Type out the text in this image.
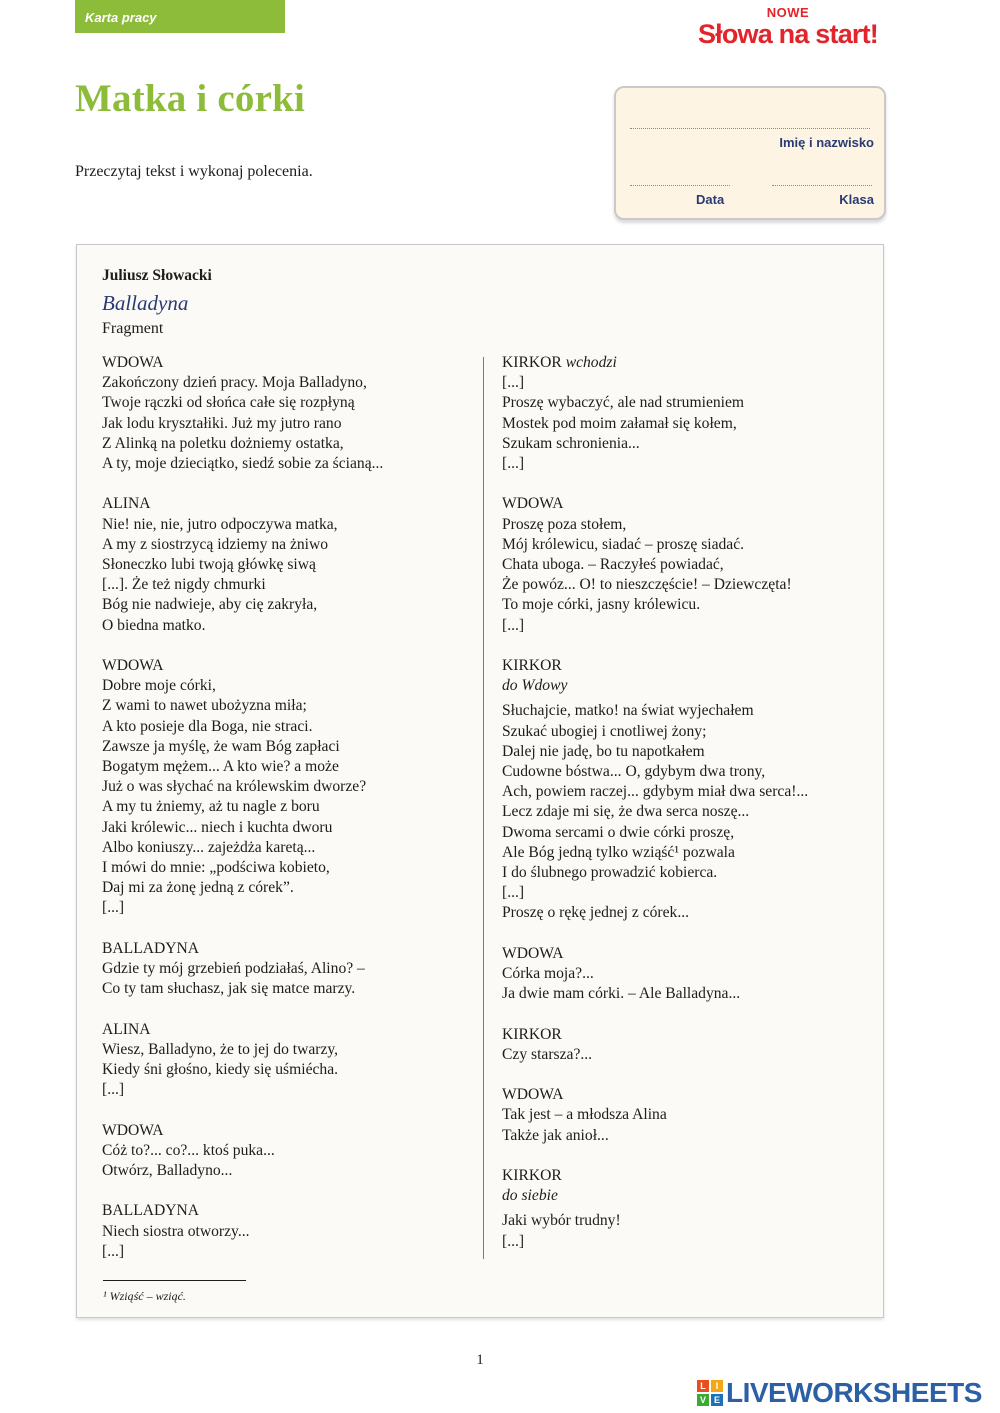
Karta pracy	NOWE
Słowa na start!
Matka i córki
Przeczytaj tekst i wykonaj polecenia.
Imię i nazwisko
Data	Klasa
Juliusz Słowacki
Balladyna
Fragment
WDOWA
Zakończony dzień pracy. Moja Balladyno,
Twoje rączki od słońca całe się rozpłyną
Jak lodu kryształiki. Już my jutro rano
Z Alinką na poletku dożniemy ostatka,
A ty, moje dzieciątko, siedź sobie za ścianą...
ALINA
Nie! nie, nie, jutro odpoczywa matka,
A my z siostrzycą idziemy na żniwo
Słoneczko lubi twoją główkę siwą
[...]. Że też nigdy chmurki
Bóg nie nadwieje, aby cię zakryła,
O biedna matko.
WDOWA
Dobre moje córki,
Z wami to nawet ubożyzna miła;
A kto posieje dla Boga, nie straci.
Zawsze ja myślę, że wam Bóg zapłaci
Bogatym mężem... A kto wie? a może
Już o was słychać na królewskim dworze?
A my tu żniemy, aż tu nagle z boru
Jaki królewic... niech i kuchta dworu
Albo koniuszy... zajeżdża karetą...
I mówi do mnie: „podściwa kobieto,
Daj mi za żonę jedną z córek”.
[...]
BALLADYNA
Gdzie ty mój grzebień podziałaś, Alino? –
Co ty tam słuchasz, jak się matce marzy.
ALINA
Wiesz, Balladyno, że to jej do twarzy,
Kiedy śni głośno, kiedy się uśmiécha.
[...]
WDOWA
Cóż to?... co?... ktoś puka...
Otwórz, Balladyno...
BALLADYNA
Niech siostra otworzy...
[...]
KIRKOR wchodzi
[...]
Proszę wybaczyć, ale nad strumieniem
Mostek pod moim załamał się kołem,
Szukam schronienia...
[...]
WDOWA
Proszę poza stołem,
Mój królewicu, siadać – proszę siadać.
Chata uboga. – Raczyłeś powiadać,
Że powóz... O! to nieszczęście! – Dziewczęta!
To moje córki, jasny królewicu.
[...]
KIRKOR
do Wdowy
Słuchajcie, matko! na świat wyjechałem
Szukać ubogiej i cnotliwej żony;
Dalej nie jadę, bo tu napotkałem
Cudowne bóstwa... O, gdybym dwa trony,
Ach, powiem raczej... gdybym miał dwa serca!...
Lecz zdaje mi się, że dwa serca noszę...
Dwoma sercami o dwie córki proszę,
Ale Bóg jedną tylko wziąść¹ pozwala
I do ślubnego prowadzić kobierca.
[...]
Proszę o rękę jednej z córek...
WDOWA
Córka moja?...
Ja dwie mam córki. – Ale Balladyna...
KIRKOR
Czy starsza?...
WDOWA
Tak jest – a młodsza Alina
Także jak anioł...
KIRKOR
do siebie
Jaki wybór trudny!
[...]
¹ Wziąść – wziąć.
1
L	I
V E LIVEWORKSHEETS
